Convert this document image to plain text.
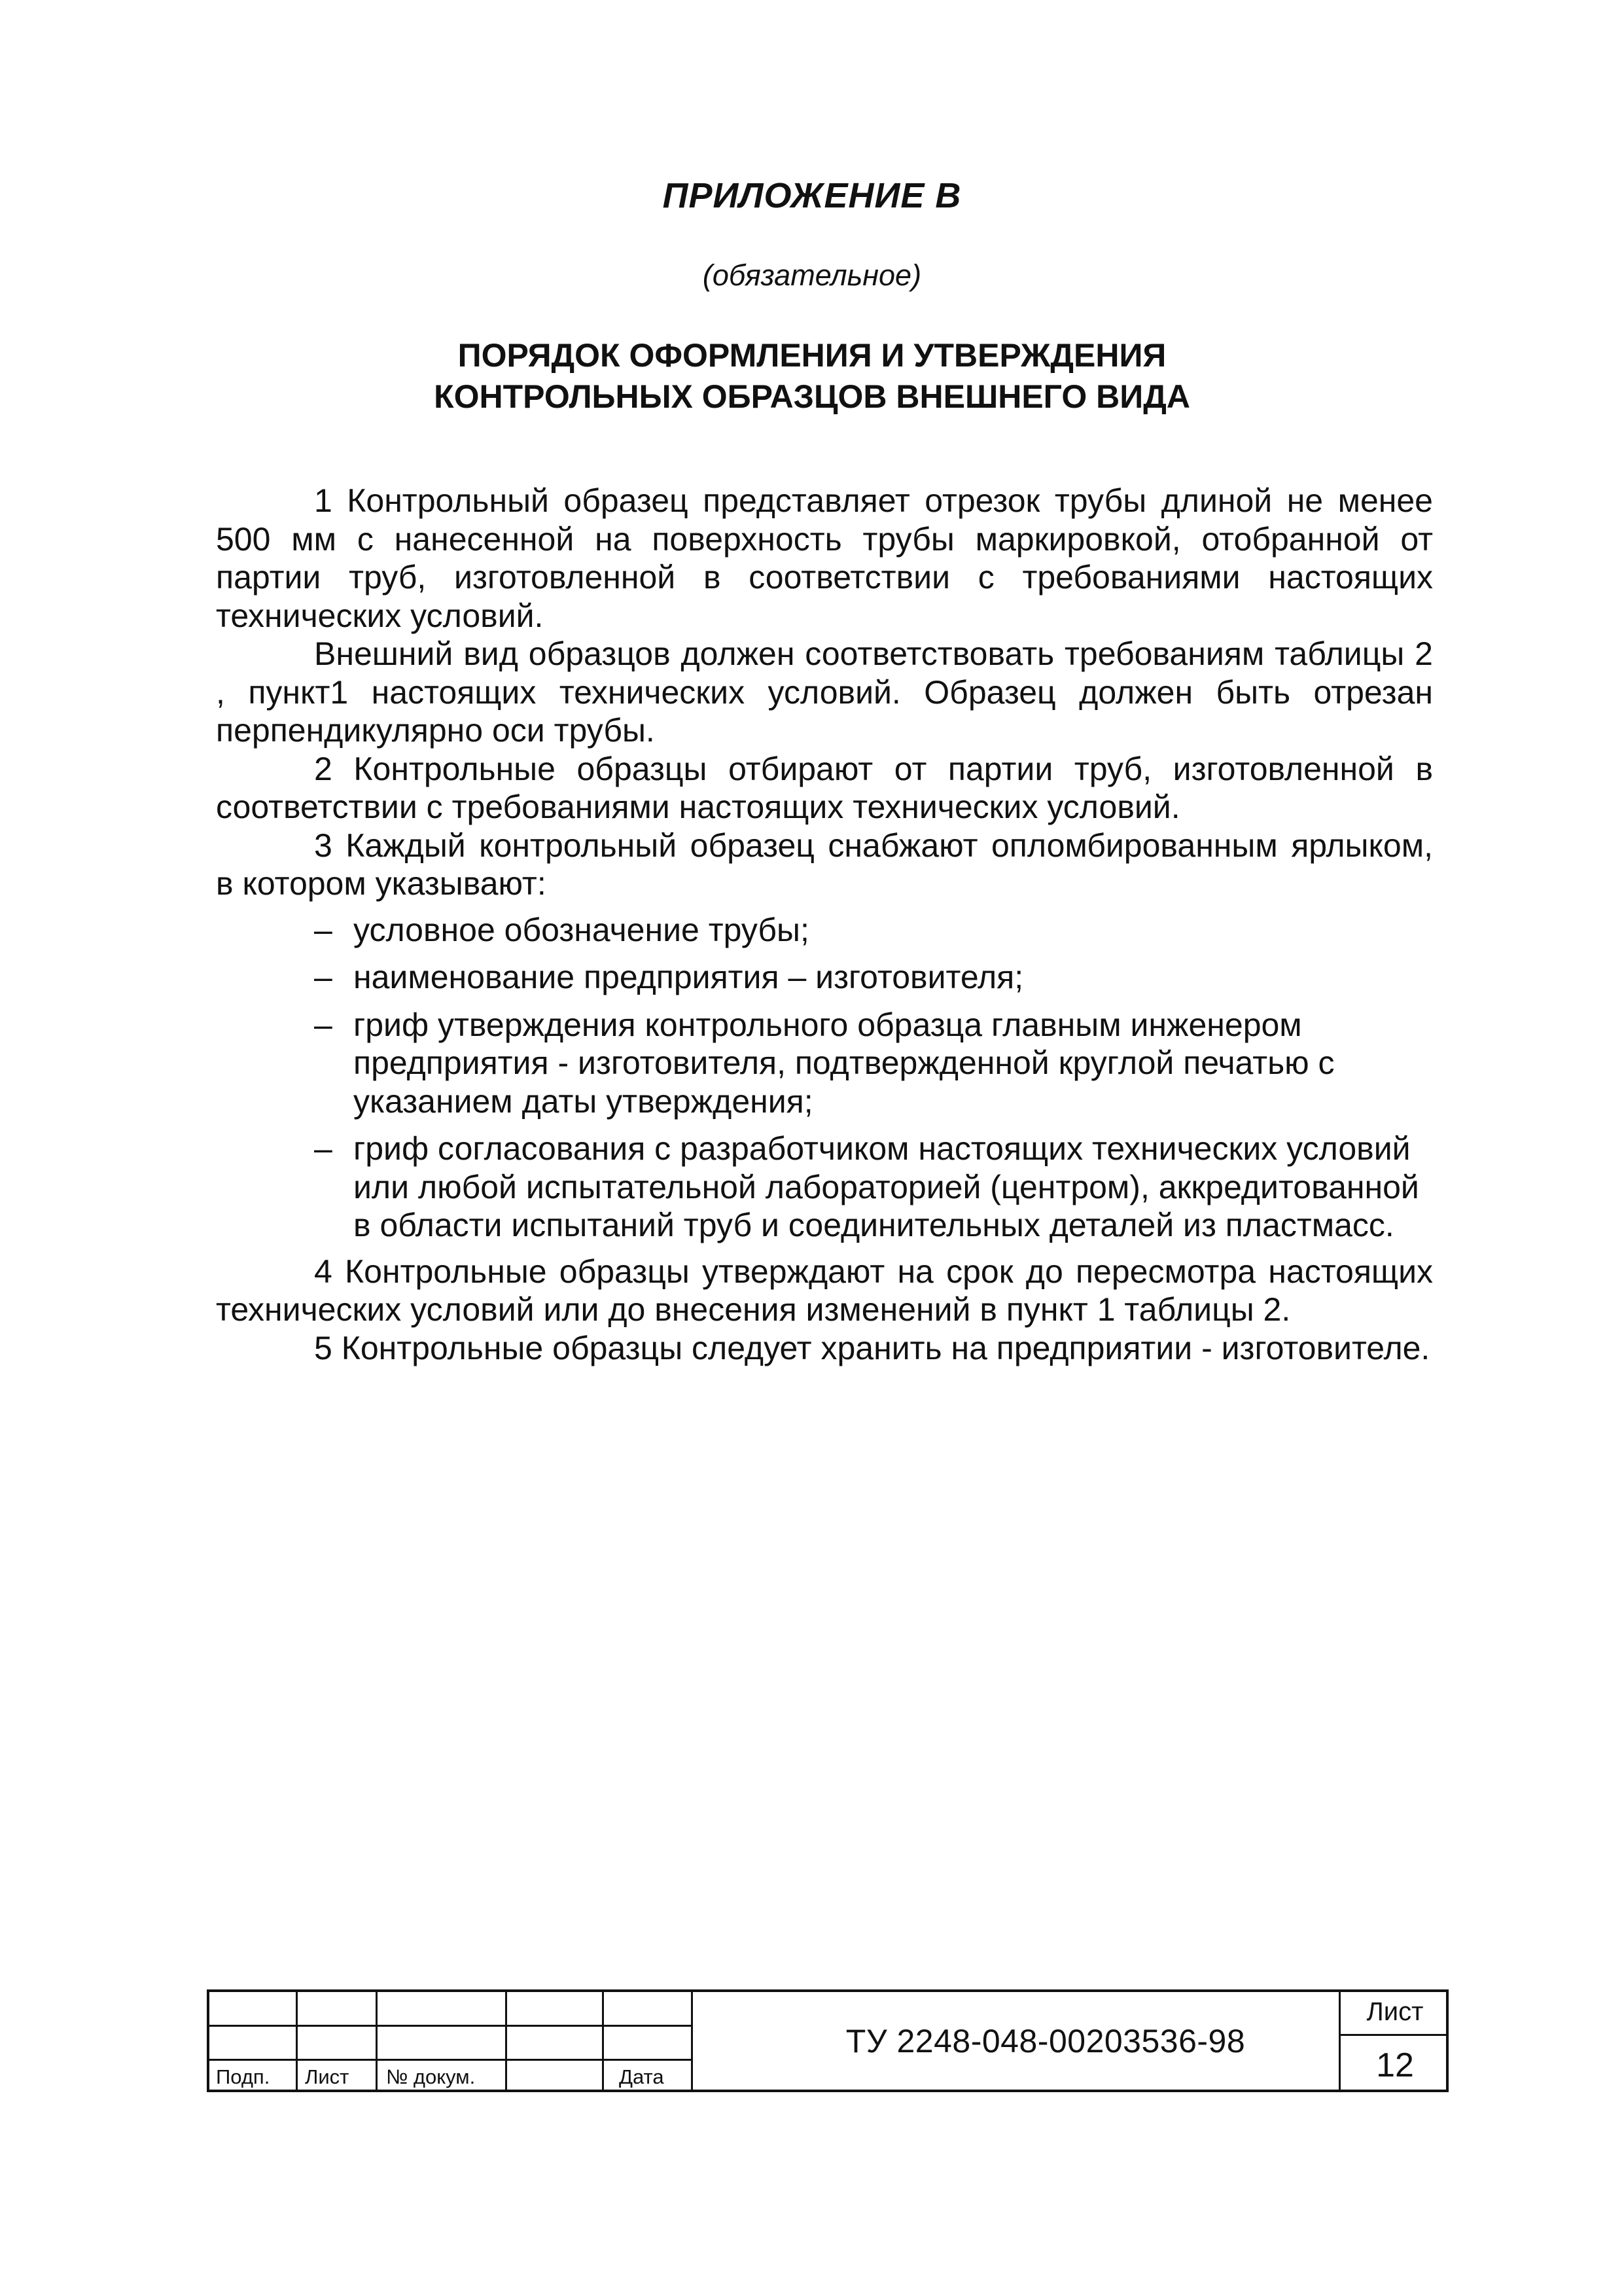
ПРИЛОЖЕНИЕ В
(обязательное)
ПОРЯДОК ОФОРМЛЕНИЯ И УТВЕРЖДЕНИЯ
КОНТРОЛЬНЫХ ОБРАЗЦОВ ВНЕШНЕГО ВИДА

1 Контрольный образец представляет отрезок трубы длиной не менее 500 мм с нанесенной на поверхность трубы маркировкой, отобранной от партии труб, изготовленной в соответствии с требованиями настоящих технических условий.

Внешний вид образцов должен соответствовать требованиям таблицы 2 , пункт1 настоящих технических условий. Образец должен быть отрезан перпендикулярно оси трубы.

2 Контрольные образцы отбирают от партии труб, изготовленной в соответствии с требованиями настоящих технических условий.

3 Каждый контрольный образец снабжают опломбированным ярлыком, в котором указывают:

– условное обозначение трубы;
– наименование предприятия – изготовителя;
– гриф утверждения контрольного образца главным инженером предприятия - изготовителя, подтвержденной круглой печатью с указанием даты утверждения;
– гриф согласования с разработчиком настоящих технических условий или любой испытательной лабораторией (центром), аккредитованной в области испытаний труб и соединительных деталей из пластмасс.

4 Контрольные образцы утверждают на срок до пересмотра настоящих технических условий или до внесения изменений в пункт 1 таблицы 2.

5 Контрольные образцы следует хранить на предприятии - изготовителе.

Подп. Лист № докум.	Дата
ТУ 2248-048-00203536-98
Лист
12
